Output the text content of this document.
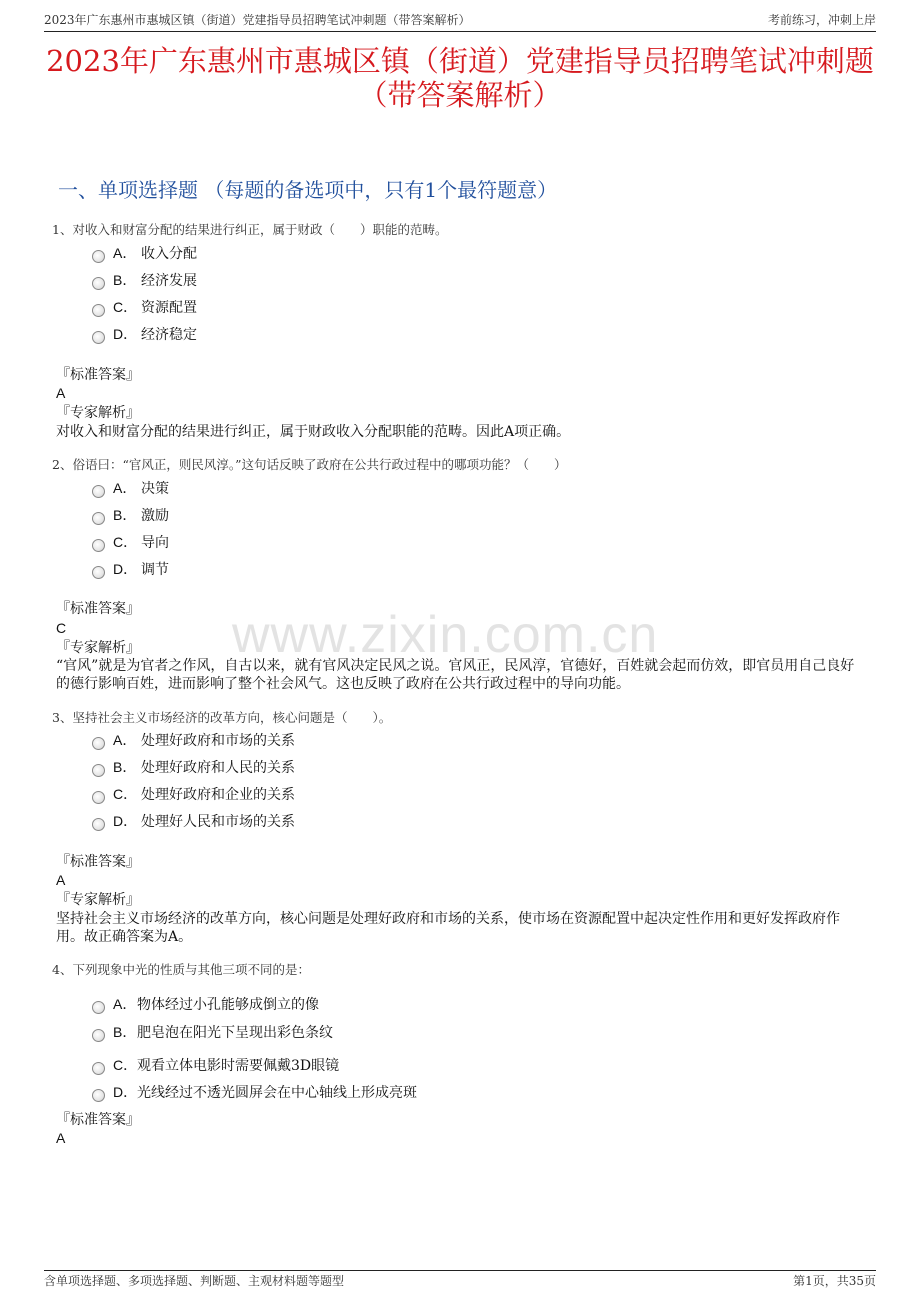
2023年广东惠州市惠城区镇（街道）党建指导员招聘笔试冲刺题（带答案解析）	考前练习，冲刺上岸
2023年广东惠州市惠城区镇（街道）党建指导员招聘笔试冲刺题（带答案解析）
一、单项选择题 （每题的备选项中，只有1个最符题意）
www.zixin.com.cn
1、对收入和财富分配的结果进行纠正，属于财政（　　）职能的范畴。
A． 收入分配
B． 经济发展
C． 资源配置
D． 经济稳定
『标准答案』
A
『专家解析』
对收入和财富分配的结果进行纠正，属于财政收入分配职能的范畴。因此A项正确。
2、俗语曰：“官风正，则民风淳。”这句话反映了政府在公共行政过程中的哪项功能？（　　）
A． 决策
B． 激励
C． 导向
D． 调节
『标准答案』
C
『专家解析』
“官风”就是为官者之作风，自古以来，就有官风决定民风之说。官风正，民风淳，官德好，百姓就会起而仿效，即官员用自己良好的德行影响百姓，进而影响了整个社会风气。这也反映了政府在公共行政过程中的导向功能。
3、坚持社会主义市场经济的改革方向，核心问题是（　　）。
A． 处理好政府和市场的关系
B． 处理好政府和人民的关系
C． 处理好政府和企业的关系
D． 处理好人民和市场的关系
『标准答案』
A
『专家解析』
坚持社会主义市场经济的改革方向，核心问题是处理好政府和市场的关系，使市场在资源配置中起决定性作用和更好发挥政府作用。故正确答案为A。
4、下列现象中光的性质与其他三项不同的是：
A． 物体经过小孔能够成倒立的像
B． 肥皂泡在阳光下呈现出彩色条纹
C． 观看立体电影时需要佩戴3D眼镜
D． 光线经过不透光圆屏会在中心轴线上形成亮斑
『标准答案』
A
含单项选择题、多项选择题、判断题、主观材料题等题型	第1页，共35页
